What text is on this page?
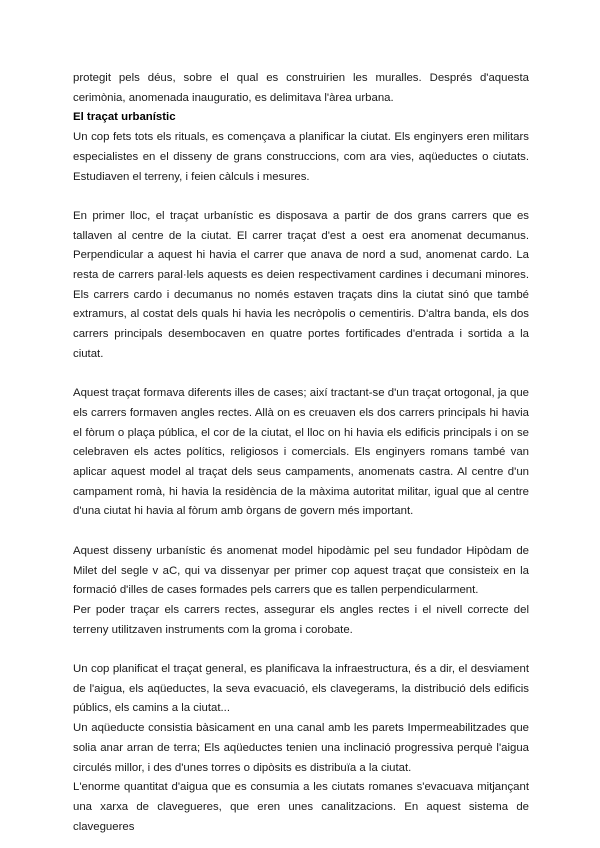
protegit pels déus, sobre el qual es construirien les muralles. Després d'aquesta cerimònia, anomenada inauguratio, es delimitava l'àrea urbana.

El traçat urbanístic

Un cop fets tots els rituals, es començava a planificar la ciutat. Els enginyers eren militars especialistes en el disseny de grans construccions, com ara vies, aqüeductes o ciutats. Estudiaven el terreny, i feien càlculs i mesures.

En primer lloc, el traçat urbanístic es disposava a partir de dos grans carrers que es tallaven al centre de la ciutat. El carrer traçat d'est a oest era anomenat decumanus. Perpendicular a aquest hi havia el carrer que anava de nord a sud, anomenat cardo. La resta de carrers paral·lels aquests es deien respectivament cardines i decumani minores. Els carrers cardo i decumanus no només estaven traçats dins la ciutat sinó que també extramurs, al costat dels quals hi havia les necròpolis o cementiris. D'altra banda, els dos carrers principals desembocaven en quatre portes fortificades d'entrada i sortida a la ciutat.

Aquest traçat formava diferents illes de cases; així tractant-se d'un traçat ortogonal, ja que els carrers formaven angles rectes. Allà on es creuaven els dos carrers principals hi havia el fòrum o plaça pública, el cor de la ciutat, el lloc on hi havia els edificis principals i on se celebraven els actes polítics, religiosos i comercials. Els enginyers romans també van aplicar aquest model al traçat dels seus campaments, anomenats castra. Al centre d'un campament romà, hi havia la residència de la màxima autoritat militar, igual que al centre d'una ciutat hi havia al fòrum amb òrgans de govern més important.

Aquest disseny urbanístic és anomenat model hipodàmic pel seu fundador Hipòdam de Milet del segle v aC, qui va dissenyar per primer cop aquest traçat que consisteix en la formació d'illes de cases formades pels carrers que es tallen perpendicularment.

Per poder traçar els carrers rectes, assegurar els angles rectes i el nivell correcte del terreny utilitzaven instruments com la groma i corobate.

Un cop planificat el traçat general, es planificava la infraestructura, és a dir, el desviament de l'aigua, els aqüeductes, la seva evacuació, els clavegerams, la distribució dels edificis públics, els camins a la ciutat...

Un aqüeducte consistia bàsicament en una canal amb les parets Impermeabilitzades que solia anar arran de terra; Els aqüeductes tenien una inclinació progressiva perquè l'aigua circulés millor, i des d'unes torres o dipòsits es distribuïa a la ciutat.

L'enorme quantitat d'aigua que es consumia a les ciutats romanes s'evacuava mitjançant una xarxa de clavegueres, que eren unes canalitzacions. En aquest sistema de clavegueres
